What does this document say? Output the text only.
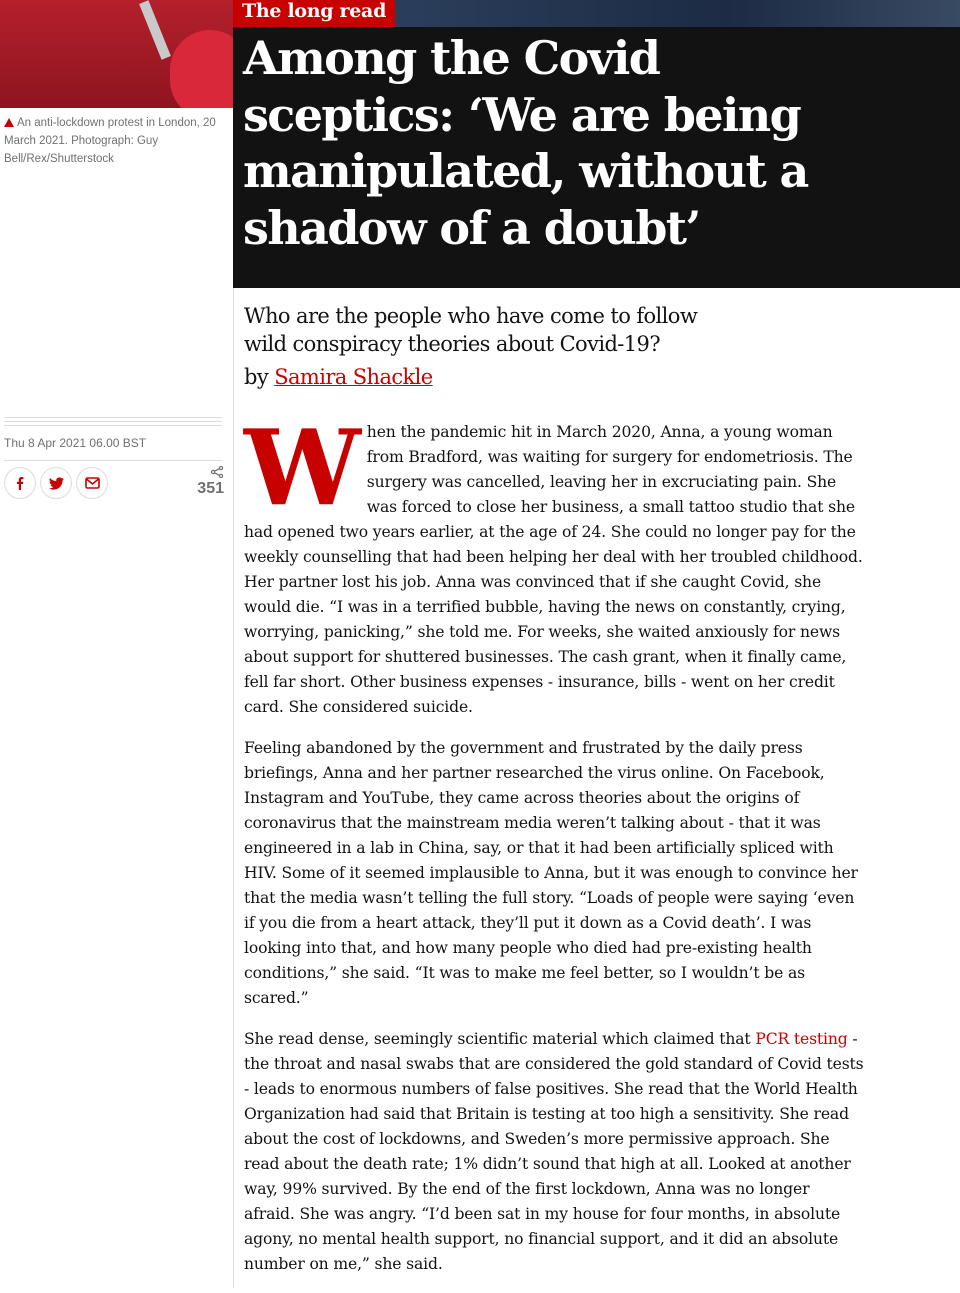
An anti-lockdown protest in London, 20 March 2021. Photograph: Guy Bell/Rex/Shutterstock
Thu 8 Apr 2021 06.00 BST
351
The long read
Among the Covid sceptics: ‘We are being manipulated, without a shadow of a doubt’

Who are the people who have come to follow wild conspiracy theories about Covid-19?

by Samira Shackle

When the pandemic hit in March 2020, Anna, a young woman from Bradford, was waiting for surgery for endometriosis. The surgery was cancelled, leaving her in excruciating pain. She was forced to close her business, a small tattoo studio that she had opened two years earlier, at the age of 24. She could no longer pay for the weekly counselling that had been helping her deal with her troubled childhood. Her partner lost his job. Anna was convinced that if she caught Covid, she would die. “I was in a terrified bubble, having the news on constantly, crying, worrying, panicking,” she told me. For weeks, she waited anxiously for news about support for shuttered businesses. The cash grant, when it finally came, fell far short. Other business expenses - insurance, bills - went on her credit card. She considered suicide.

Feeling abandoned by the government and frustrated by the daily press briefings, Anna and her partner researched the virus online. On Facebook, Instagram and YouTube, they came across theories about the origins of coronavirus that the mainstream media weren’t talking about - that it was engineered in a lab in China, say, or that it had been artificially spliced with HIV. Some of it seemed implausible to Anna, but it was enough to convince her that the media wasn’t telling the full story. “Loads of people were saying ‘even if you die from a heart attack, they’ll put it down as a Covid death’. I was looking into that, and how many people who died had pre-existing health conditions,” she said. “It was to make me feel better, so I wouldn’t be as scared.”

She read dense, seemingly scientific material which claimed that PCR testing - the throat and nasal swabs that are considered the gold standard of Covid tests - leads to enormous numbers of false positives. She read that the World Health Organization had said that Britain is testing at too high a sensitivity. She read about the cost of lockdowns, and Sweden’s more permissive approach. She read about the death rate; 1% didn’t sound that high at all. Looked at another way, 99% survived. By the end of the first lockdown, Anna was no longer afraid. She was angry. “I’d been sat in my house for four months, in absolute agony, no mental health support, no financial support, and it did an absolute number on me,” she said.
